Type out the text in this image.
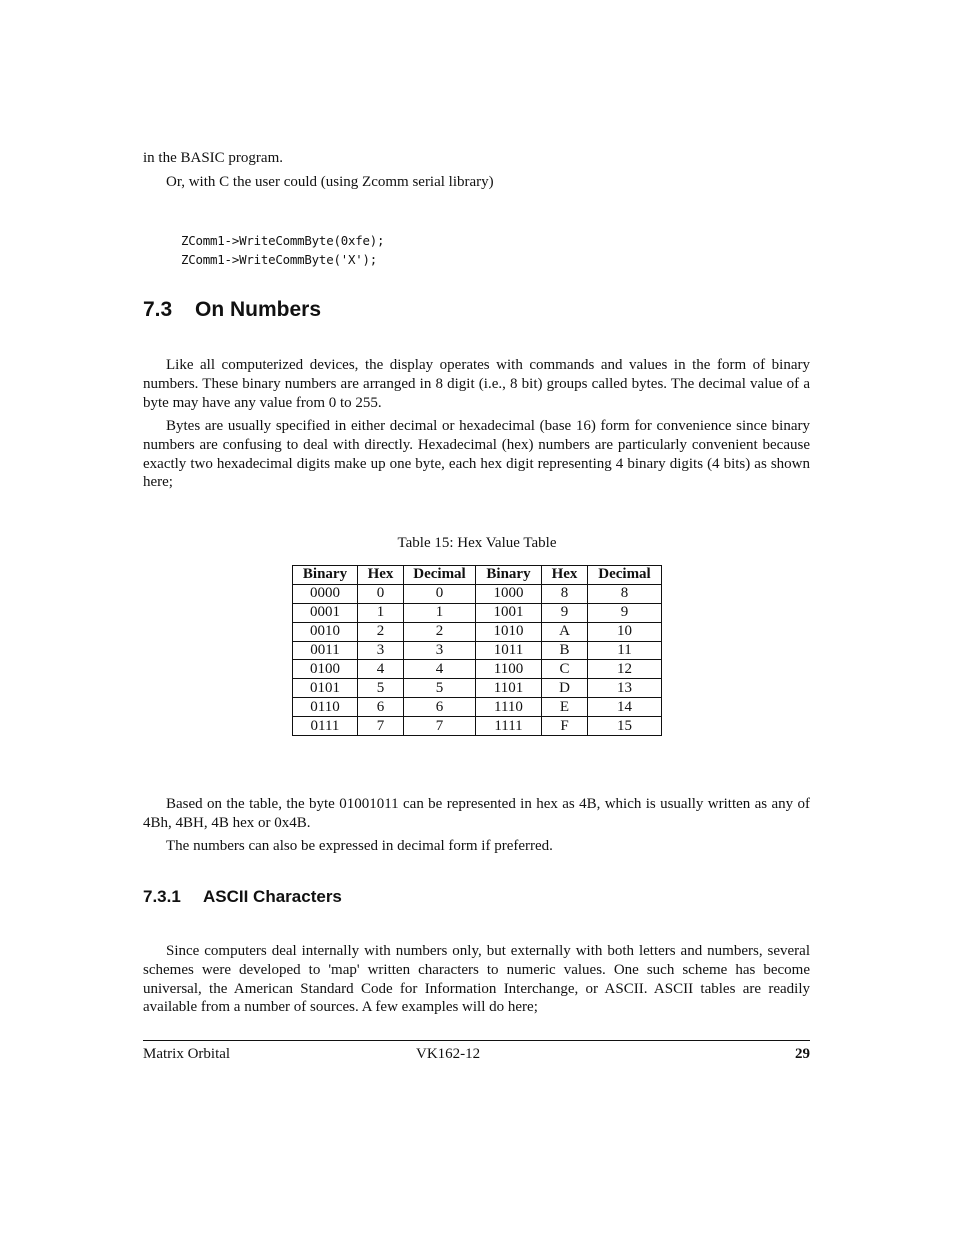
in the BASIC program.

Or, with C the user could (using Zcomm serial library)

ZComm1->WriteCommByte(0xfe);
ZComm1->WriteCommByte('X');
7.3 On Numbers

Like all computerized devices, the display operates with commands and values in the form of binary numbers. These binary numbers are arranged in 8 digit (i.e., 8 bit) groups called bytes. The decimal value of a byte may have any value from 0 to 255.

Bytes are usually specified in either decimal or hexadecimal (base 16) form for convenience since binary numbers are confusing to deal with directly. Hexadecimal (hex) numbers are particularly convenient because exactly two hexadecimal digits make up one byte, each hex digit representing 4 binary digits (4 bits) as shown here;

Table 15: Hex Value Table
Binary	Hex	Decimal	Binary	Hex	Decimal
0000	0	0	1000	8	8
0001	1	1	1001	9	9
0010	2	2	1010	A	10
0011	3	3	1011	B	11
0100	4	4	1100	C	12
0101	5	5	1101	D	13
0110	6	6	1110	E	14
0111	7	7	1111	F	15

Based on the table, the byte 01001011 can be represented in hex as 4B, which is usually written as any of 4Bh, 4BH, 4B hex or 0x4B.

The numbers can also be expressed in decimal form if preferred.

7.3.1 ASCII Characters

Since computers deal internally with numbers only, but externally with both letters and numbers, several schemes were developed to 'map' written characters to numeric values. One such scheme has become universal, the American Standard Code for Information Interchange, or ASCII. ASCII tables are readily available from a number of sources. A few examples will do here;

Matrix Orbital	VK162-12	29
